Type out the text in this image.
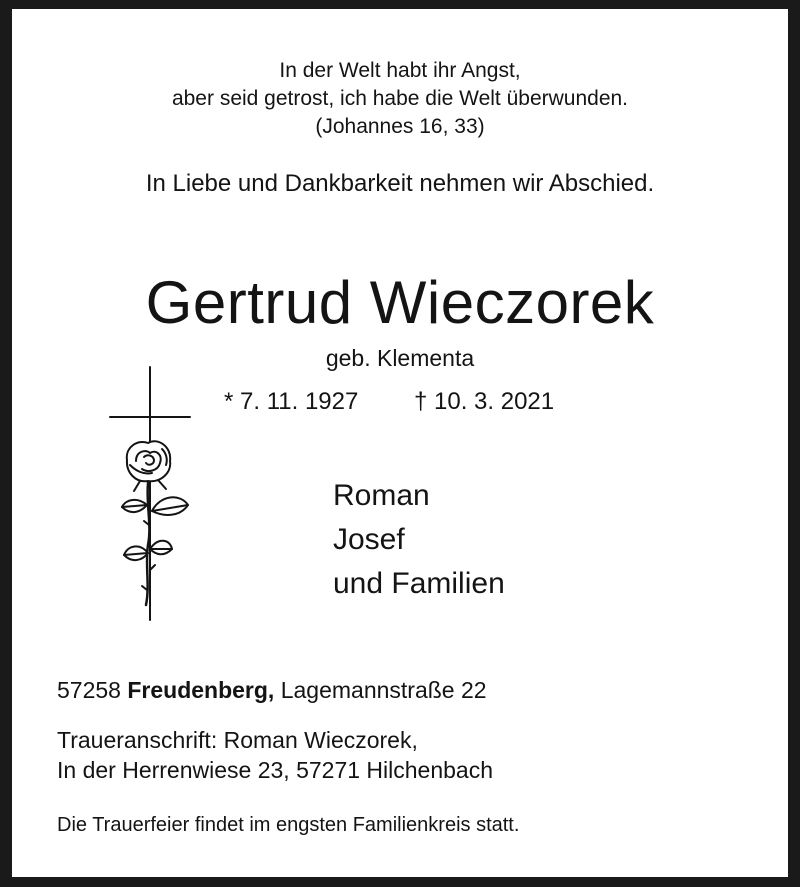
In der Welt habt ihr Angst,
aber seid getrost, ich habe die Welt überwunden.
(Johannes 16, 33)
In Liebe und Dankbarkeit nehmen wir Abschied.
Gertrud Wieczorek
geb. Klementa
* 7. 11. 1927 † 10. 3. 2021
Roman
Josef
und Familien
57258 Freudenberg, Lagemannstraße 22
Traueranschrift: Roman Wieczorek,
In der Herrenwiese 23, 57271 Hilchenbach
Die Trauerfeier findet im engsten Familienkreis statt.
